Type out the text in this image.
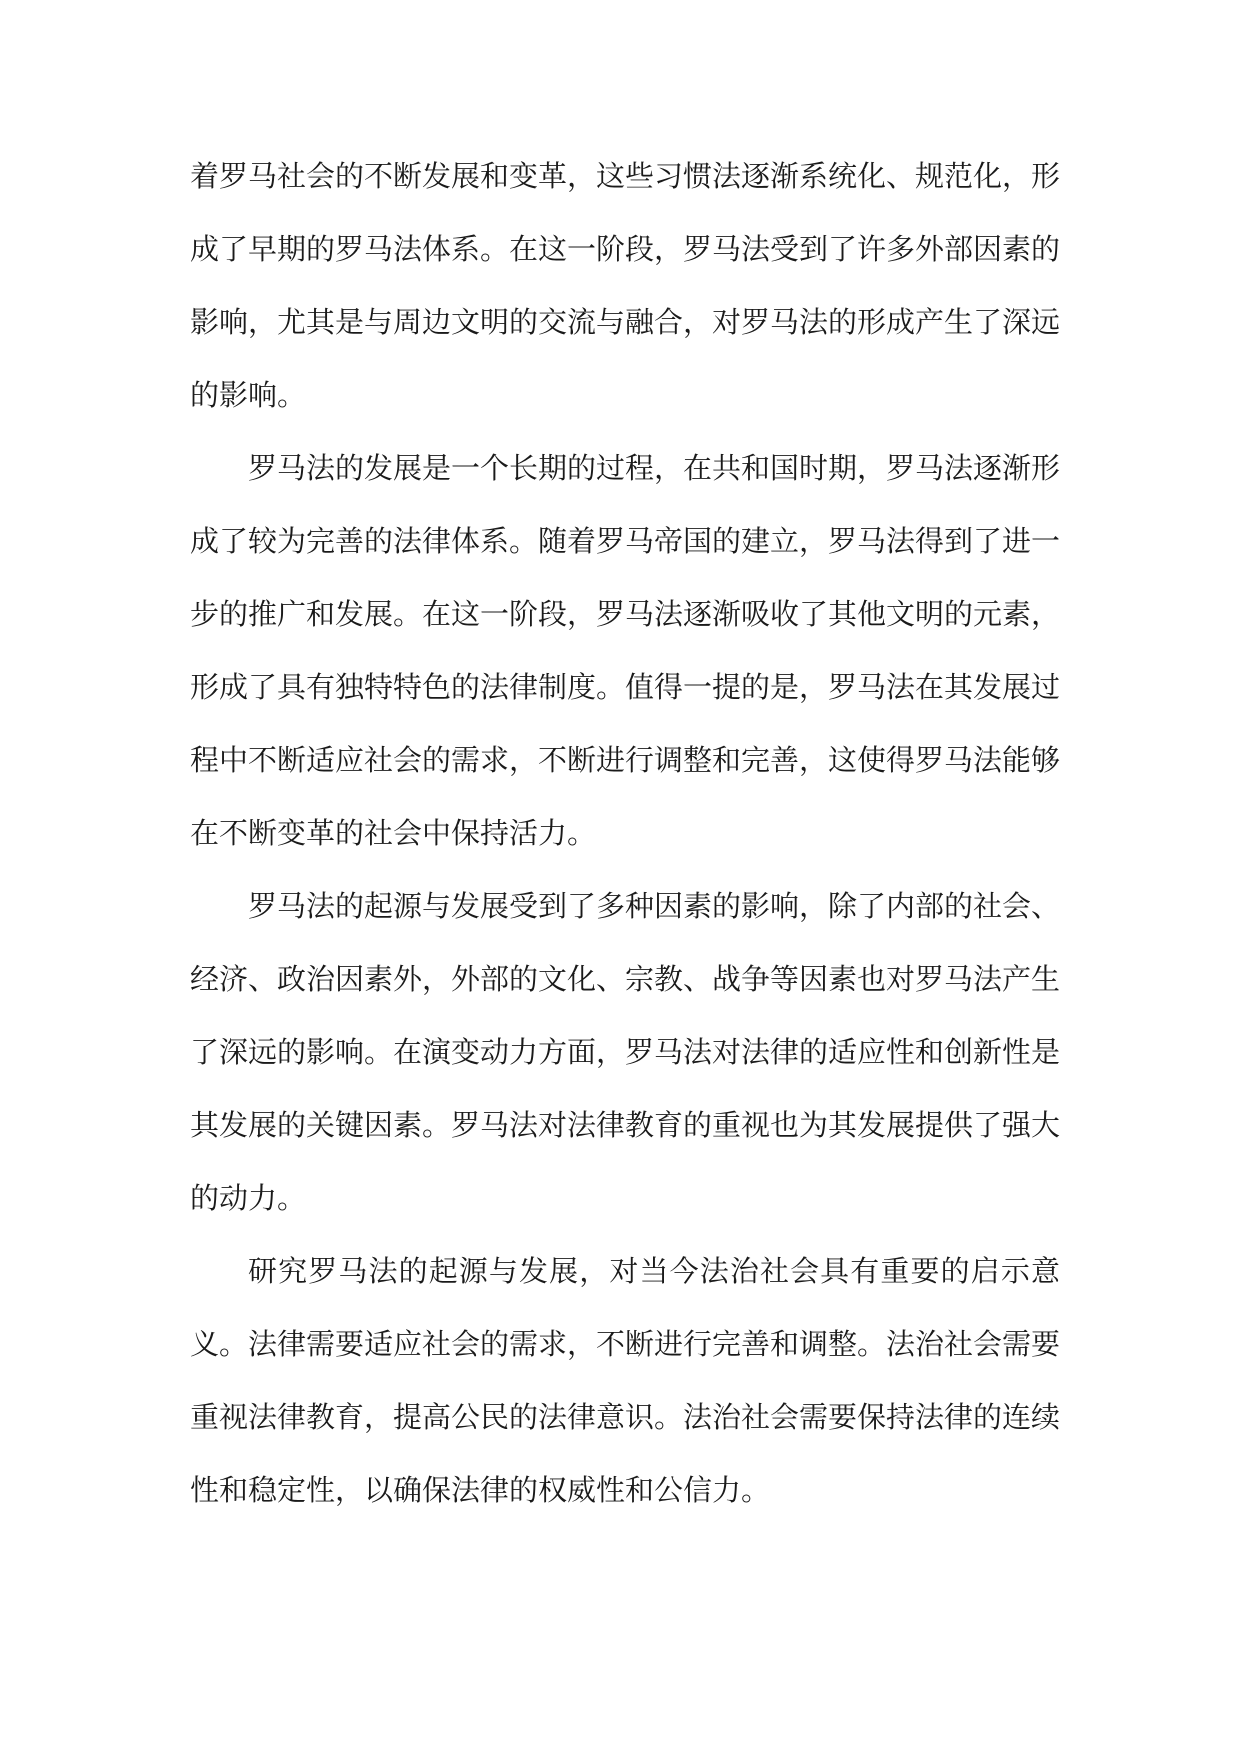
着罗马社会的不断发展和变革，这些习惯法逐渐系统化、规范化，形成了早期的罗马法体系。在这一阶段，罗马法受到了许多外部因素的影响，尤其是与周边文明的交流与融合，对罗马法的形成产生了深远的影响。

罗马法的发展是一个长期的过程，在共和国时期，罗马法逐渐形成了较为完善的法律体系。随着罗马帝国的建立，罗马法得到了进一步的推广和发展。在这一阶段，罗马法逐渐吸收了其他文明的元素，形成了具有独特特色的法律制度。值得一提的是，罗马法在其发展过程中不断适应社会的需求，不断进行调整和完善，这使得罗马法能够在不断变革的社会中保持活力。

罗马法的起源与发展受到了多种因素的影响，除了内部的社会、经济、政治因素外，外部的文化、宗教、战争等因素也对罗马法产生了深远的影响。在演变动力方面，罗马法对法律的适应性和创新性是其发展的关键因素。罗马法对法律教育的重视也为其发展提供了强大的动力。

研究罗马法的起源与发展，对当今法治社会具有重要的启示意义。法律需要适应社会的需求，不断进行完善和调整。法治社会需要重视法律教育，提高公民的法律意识。法治社会需要保持法律的连续性和稳定性，以确保法律的权威性和公信力。
